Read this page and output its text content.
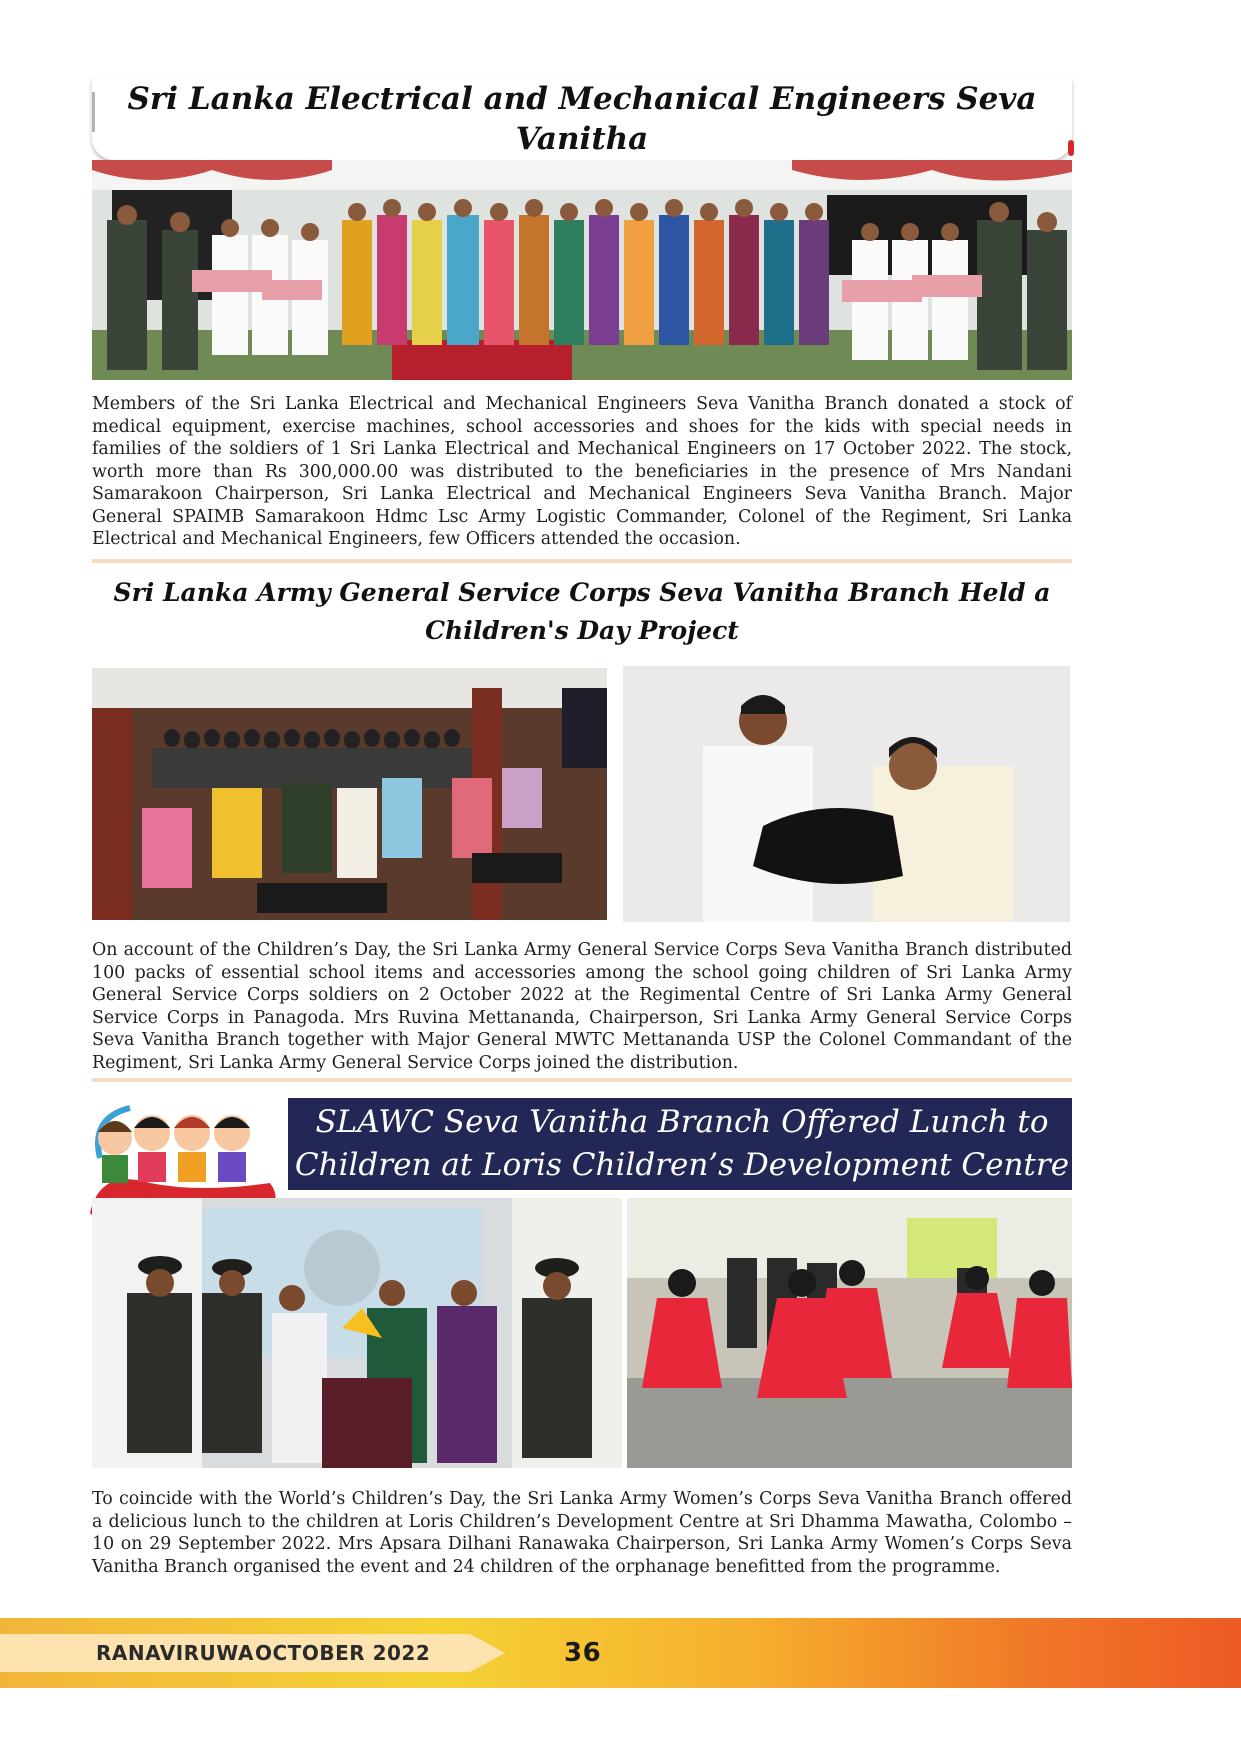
Sri Lanka Electrical and Mechanical Engineers Seva Vanitha
Members of the Sri Lanka Electrical and Mechanical Engineers Seva Vanitha Branch donated a stock of medical equipment, exercise machines, school accessories and shoes for the kids with special needs in families of the soldiers of 1 Sri Lanka Electrical and Mechanical Engineers on 17 October 2022. The stock, worth more than Rs 300,000.00 was distributed to the beneficiaries in the presence of Mrs Nandani Samarakoon Chairperson, Sri Lanka Electrical and Mechanical Engineers Seva Vanitha Branch. Major General SPAIMB Samarakoon Hdmc Lsc Army Logistic Commander, Colonel of the Regiment, Sri Lanka Electrical and Mechanical Engineers, few Officers attended the occasion.
Sri Lanka Army General Service Corps Seva Vanitha Branch Held a
Children's Day Project
On account of the Children’s Day, the Sri Lanka Army General Service Corps Seva Vanitha Branch distributed 100 packs of essential school items and accessories among the school going children of Sri Lanka Army General Service Corps soldiers on 2 October 2022 at the Regimental Centre of Sri Lanka Army General Service Corps in Panagoda. Mrs Ruvina Mettananda, Chairperson, Sri Lanka Army General Service Corps Seva Vanitha Branch together with Major General MWTC Mettananda USP the Colonel Commandant of the Regiment, Sri Lanka Army General Service Corps joined the distribution.
SLAWC Seva Vanitha Branch Offered Lunch to
Children at Loris Children’s Development Centre
To coincide with the World’s Children’s Day, the Sri Lanka Army Women’s Corps Seva Vanitha Branch offered a delicious lunch to the children at Loris Children’s Development Centre at Sri Dhamma Mawatha, Colombo – 10 on 29 September 2022. Mrs Apsara Dilhani Ranawaka Chairperson, Sri Lanka Army Women’s Corps Seva Vanitha Branch organised the event and 24 children of the orphanage benefitted from the programme.
RANAVIRUWA OCTOBER 2022	36
